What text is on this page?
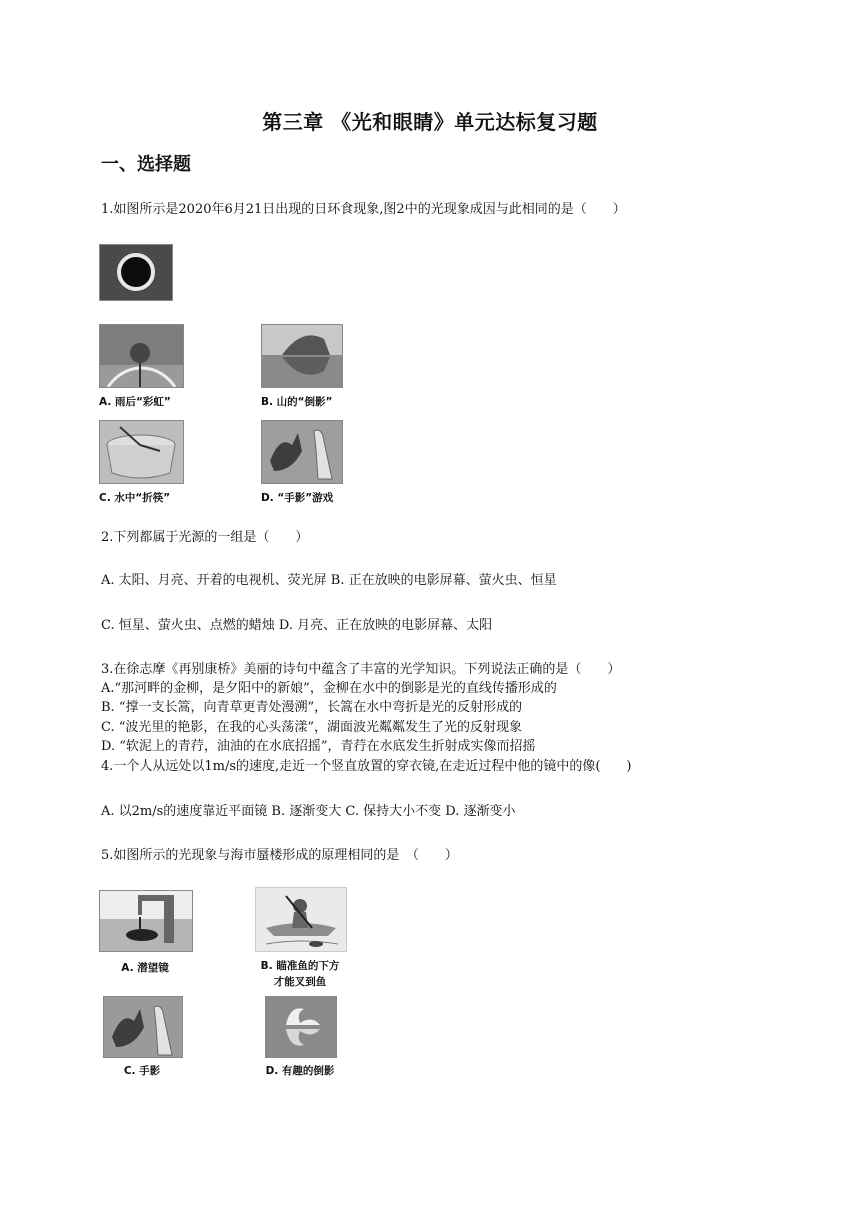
第三章 《光和眼睛》单元达标复习题
一、选择题
1.如图所示是2020年6月21日出现的日环食现象,图2中的光现象成因与此相同的是（　　）
A. 雨后“彩虹”	B. 山的“倒影”
C. 水中“折筷”	D. “手影”游戏
2.下列都属于光源的一组是（　　）
A. 太阳、月亮、开着的电视机、荧光屏 B. 正在放映的电影屏幕、萤火虫、恒星
C. 恒星、萤火虫、点燃的蜡烛 D. 月亮、正在放映的电影屏幕、太阳
3.在徐志摩《再别康桥》美丽的诗句中蕴含了丰富的光学知识。下列说法正确的是（　　）
A.“那河畔的金柳，是夕阳中的新娘”，金柳在水中的倒影是光的直线传播形成的
B. “撑一支长篙，向青草更青处漫溯”，长篙在水中弯折是光的反射形成的
C. “波光里的艳影，在我的心头荡漾”，湖面波光粼粼发生了光的反射现象
D. “软泥上的青荇，油油的在水底招摇”，青荇在水底发生折射成实像而招摇
4.一个人从远处以1m/s的速度,走近一个竖直放置的穿衣镜,在走近过程中他的镜中的像(　　)
A. 以2m/s的速度靠近平面镜 B. 逐渐变大 C. 保持大小不变 D. 逐渐变小
5.如图所示的光现象与海市蜃楼形成的原理相同的是　（　　）
A. 潜望镜	B. 瞄准鱼的下方
才能叉到鱼
C. 手影	D. 有趣的倒影
